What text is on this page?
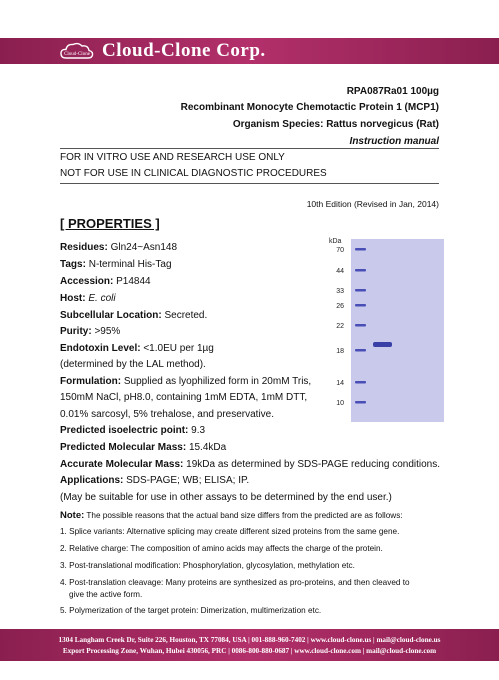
Cloud-Clone Cloud-Clone Corp.
RPA087Ra01 100µg
Recombinant Monocyte Chemotactic Protein 1 (MCP1)
Organism Species: Rattus norvegicus (Rat)
Instruction manual
FOR IN VITRO USE AND RESEARCH USE ONLY
NOT FOR USE IN CLINICAL DIAGNOSTIC PROCEDURES
10th Edition (Revised in Jan, 2014)
[ PROPERTIES ]
Residues: Gln24~Asn148
Tags: N-terminal His-Tag
Accession: P14844
Host: E. coli
Subcellular Location: Secreted.
Purity: >95%
Endotoxin Level: <1.0EU per 1µg
(determined by the LAL method).
Formulation: Supplied as lyophilized form in 20mM Tris,
150mM NaCl, pH8.0, containing 1mM EDTA, 1mM DTT,
0.01% sarcosyl, 5% trehalose, and preservative.
Predicted isoelectric point: 9.3
Predicted Molecular Mass: 15.4kDa
Accurate Molecular Mass: 19kDa as determined by SDS-PAGE reducing conditions.
Applications: SDS-PAGE; WB; ELISA; IP.
(May be suitable for use in other assays to be determined by the end user.)
Note: The possible reasons that the actual band size differs from the predicted are as follows:
1. Splice variants: Alternative splicing may create different sized proteins from the same gene.
2. Relative charge: The composition of amino acids may affects the charge of the protein.
3. Post-translational modification: Phosphorylation, glycosylation, methylation etc.
4. Post-translation cleavage: Many proteins are synthesized as pro-proteins, and then cleaved to
give the active form.
5. Polymerization of the target protein: Dimerization, multimerization etc.
kDa
70
44
33
26
22
18
14
10
1304 Langham Creek Dr, Suite 226, Houston, TX 77084, USA | 001-888-960-7402 | www.cloud-clone.us | mail@cloud-clone.us
Export Processing Zone, Wuhan, Hubei 430056, PRC | 0086-800-880-0687 | www.cloud-clone.com | mail@cloud-clone.com
